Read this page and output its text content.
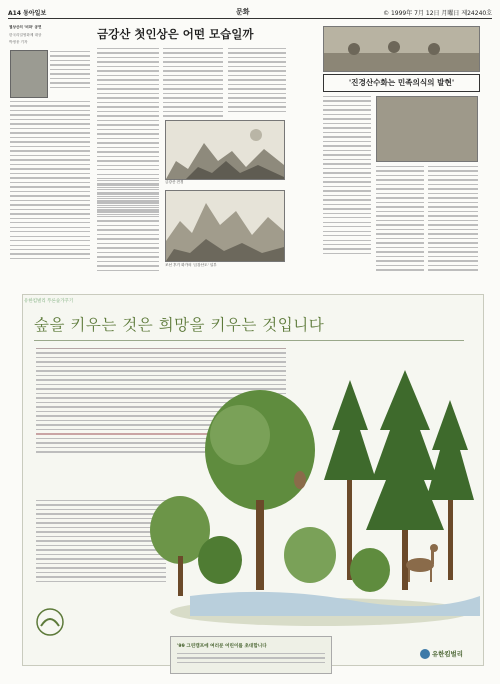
A14 동아일보	문화	© 1999年 7月 12日 月曜日 제24240호
열상산의 '비파' 공연
한국리얼영화제 대상
박정웅 기자
금강산 첫인상은 어떤 모습일까
금강산 전경
조선 후기 화가의 '금강산도' 일부
'진경산수화는 민족의식의 발현'
유한킴벌리 푸른숲가꾸기
숲을 키우는 것은 희망을 키우는 것입니다
'99 그린캠프에 여러분 어린이를 초대합니다
유한킴벌리
